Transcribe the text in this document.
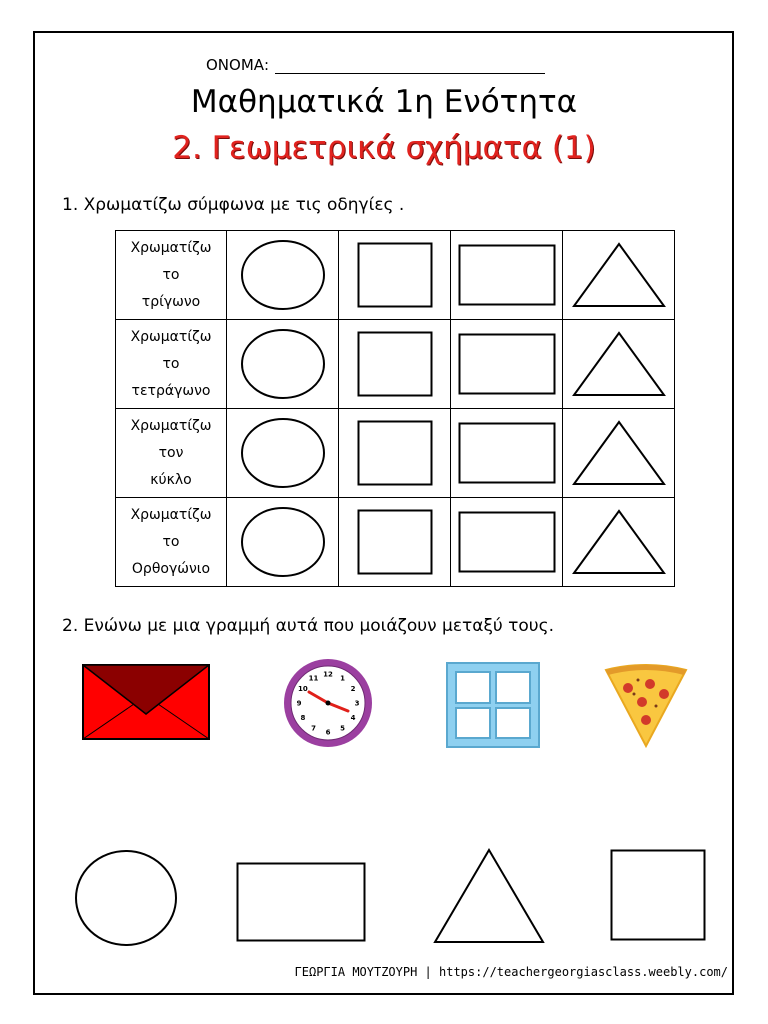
ΟΝΟΜΑ:
Μαθηματικά 1η Ενότητα
2. Γεωμετρικά σχήματα (1)
1. Χρωματίζω σύμφωνα με τις οδηγίες .
Χρωματίζω
το
τρίγωνο

Χρωματίζω
το
τετράγωνο

Χρωματίζω
τον
κύκλο

Χρωματίζω
το
Ορθογώνιο

2. Ενώνω με μια γραμμή αυτά που μοιάζουν μεταξύ τους.
12 1
2
3
4
5
6
7
8
9
10
11
ΓΕΩΡΓΙΑ ΜΟΥΤΖΟΥΡΗ | https://teachergeorgiasclass.weebly.com/
